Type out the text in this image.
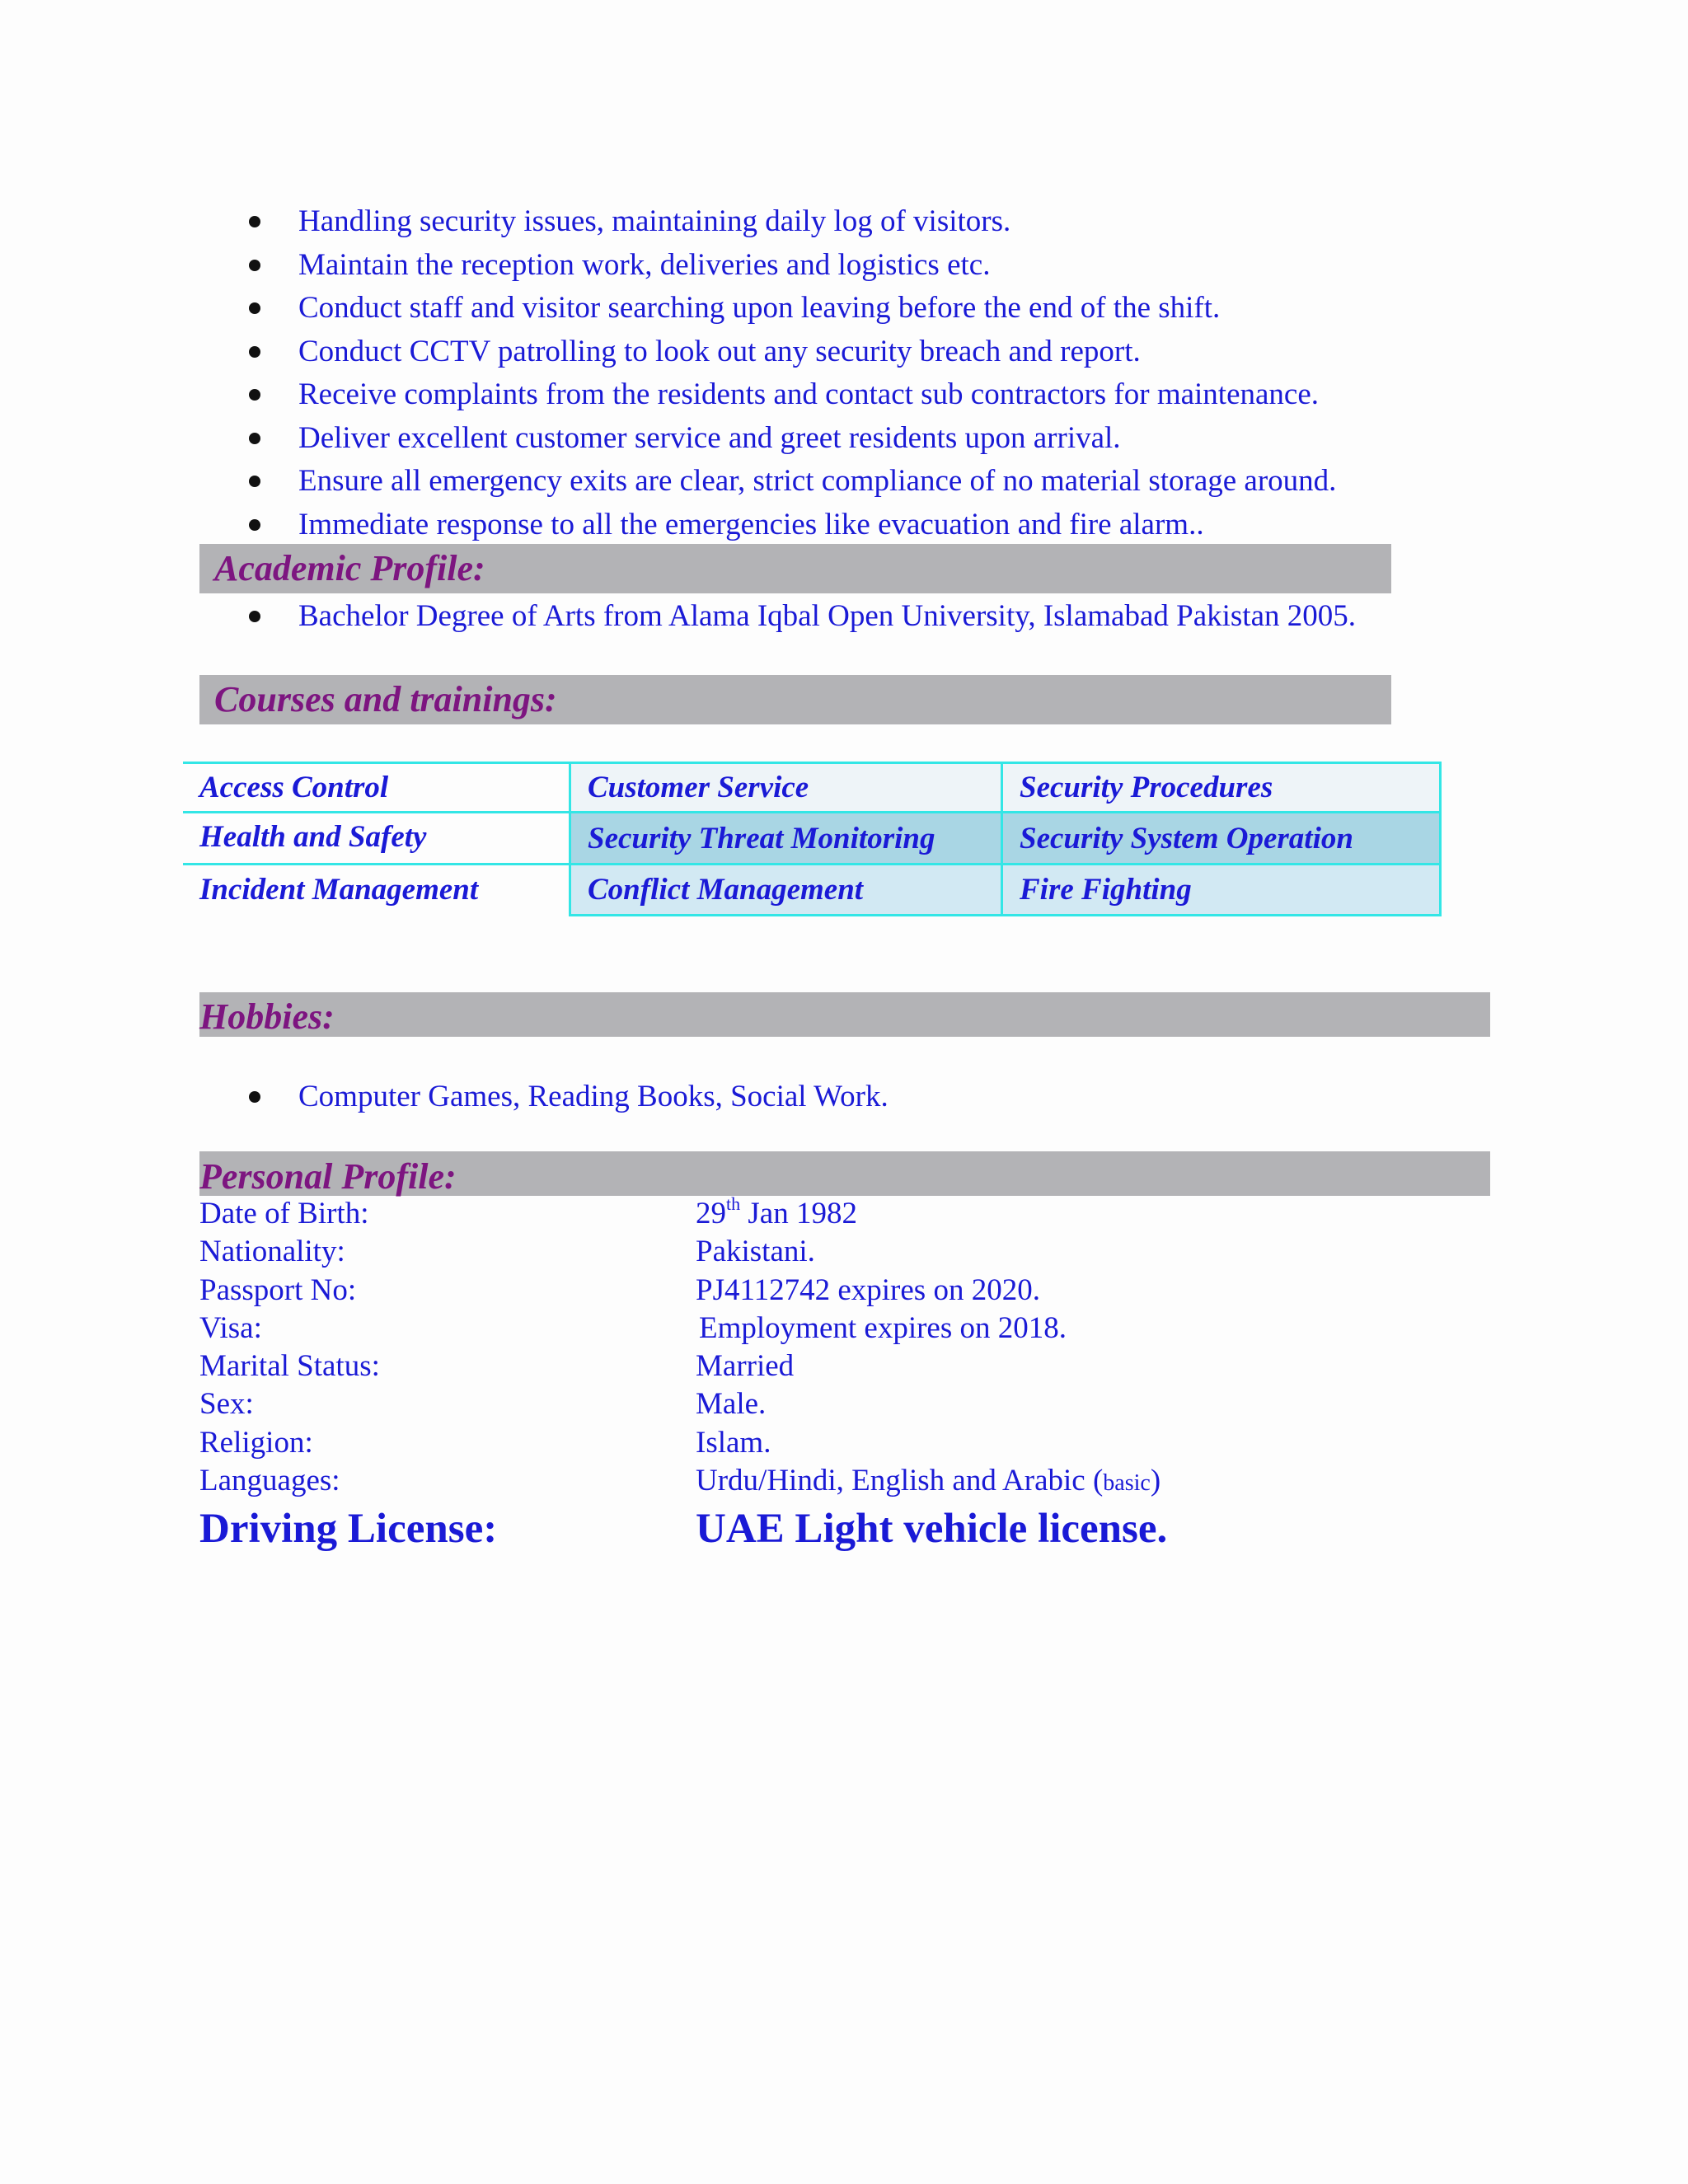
Handling security issues, maintaining daily log of visitors.
Maintain the reception work, deliveries and logistics etc.
Conduct staff and visitor searching upon leaving before the end of the shift.
Conduct CCTV patrolling to look out any security breach and report.
Receive complaints from the residents and contact sub contractors for maintenance.
Deliver excellent customer service and greet residents upon arrival.
Ensure all emergency exits are clear, strict compliance of no material storage around.
Immediate response to all the emergencies like evacuation and fire alarm..
Academic Profile:
Bachelor Degree of Arts from Alama Iqbal Open University, Islamabad Pakistan 2005.
Courses and trainings:
Access Control	Customer Service	Security Procedures
Health and Safety	Security Threat Monitoring	Security System Operation
Incident Management	Conflict Management	Fire Fighting
Hobbies:
Computer Games, Reading Books, Social Work.
Personal Profile:
Date of Birth:	29th Jan 1982
Nationality:	Pakistani.
Passport No:	PJ4112742 expires on 2020.
Visa:	Employment expires on 2018.
Marital Status:	Married
Sex:	Male.
Religion:	Islam.
Languages:	Urdu/Hindi, English and Arabic (basic)
Driving License:	UAE Light vehicle license.
